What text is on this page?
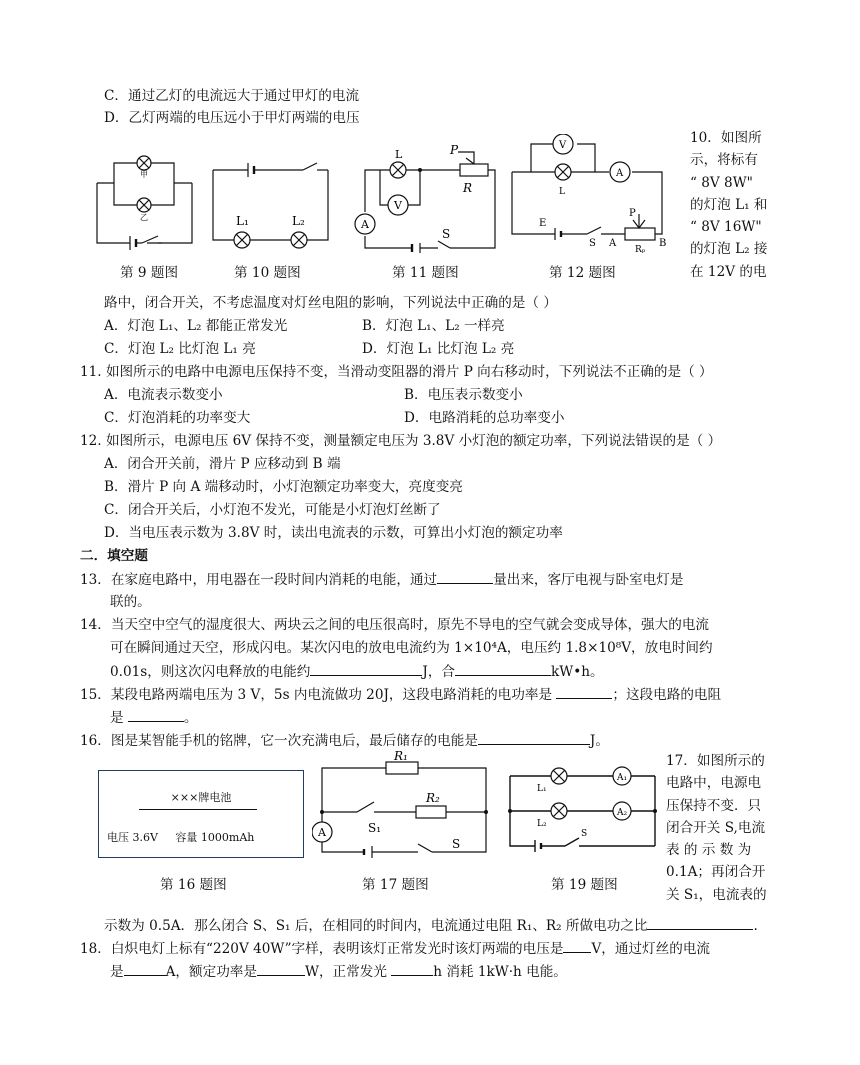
C．通过乙灯的电流远大于通过甲灯的电流
D．乙灯两端的电压远小于甲灯两端的电压
甲
乙
第 9 题图
L₁	L₂
第 10 题图
A
V
L	P
R
S
第 11 题图
V
A
L
E
S A
P
B
Rₚ
第 12 题图
10．如图所
示，将标有
“ 8V 8W"
的灯泡 L₁ 和
“ 8V 16W"
的灯泡 L₂ 接
在 12V 的电
路中，闭合开关，不考虑温度对灯丝电阻的影响，下列说法中正确的是（ ）
A．灯泡 L₁、L₂ 都能正常发光	B．灯泡 L₁、L₂ 一样亮
C．灯泡 L₂ 比灯泡 L₁ 亮	D．灯泡 L₁ 比灯泡 L₂ 亮
11. 如图所示的电路中电源电压保持不变，当滑动变阻器的滑片 P 向右移动时，下列说法不正确的是（ ）
A．电流表示数变小	B．电压表示数变小
C．灯泡消耗的功率变大	D．电路消耗的总功率变小
12. 如图所示，电源电压 6V 保持不变，测量额定电压为 3.8V 小灯泡的额定功率，下列说法错误的是（ ）
A．闭合开关前，滑片 P 应移动到 B 端
B．滑片 P 向 A 端移动时，小灯泡额定功率变大，亮度变亮
C．闭合开关后，小灯泡不发光，可能是小灯泡灯丝断了
D．当电压表示数为 3.8V 时，读出电流表的示数，可算出小灯泡的额定功率
二．填空题
13．在家庭电路中，用电器在一段时间内消耗的电能，通过	量出来，客厅电视与卧室电灯是
联的。
14．当天空中空气的湿度很大、两块云之间的电压很高时，原先不导电的空气就会变成导体，强大的电流
可在瞬间通过天空，形成闪电。某次闪电的放电电流约为 1×10⁴A，电压约 1.8×10⁸V，放电时间约
0.01s，则这次闪电释放的电能约	J，合	kW•h。
15．某段电路两端电压为 3 V，5s 内电流做功 20J，这段电路消耗的电功率是	；这段电路的电阻
是	。
16．图是某智能手机的铭牌，它一次充满电后，最后储存的电能是	J。
×××牌电池
电压 3.6V     容量 1000mAh
第 16 题图
A
R₁
R₂
S₁
S
第 17 题图
A₁
A₂
L₁
L₂
S
第 19 题图
17．如图所示的
电路中，电源电
压保持不变．只
闭合开关 S,电流
表 的 示 数 为
0.1A；再闭合开
关 S₁，电流表的
示数为 0.5A．那么闭合 S、S₁ 后，在相同的时间内，电流通过电阻 R₁、R₂ 所做电功之比	.
18．白炽电灯上标有“220V 40W”字样，表明该灯正常发光时该灯两端的电压是 V，通过灯丝的电流
是	A，额定功率是	W，正常发光	h 消耗 1kW·h 电能。
